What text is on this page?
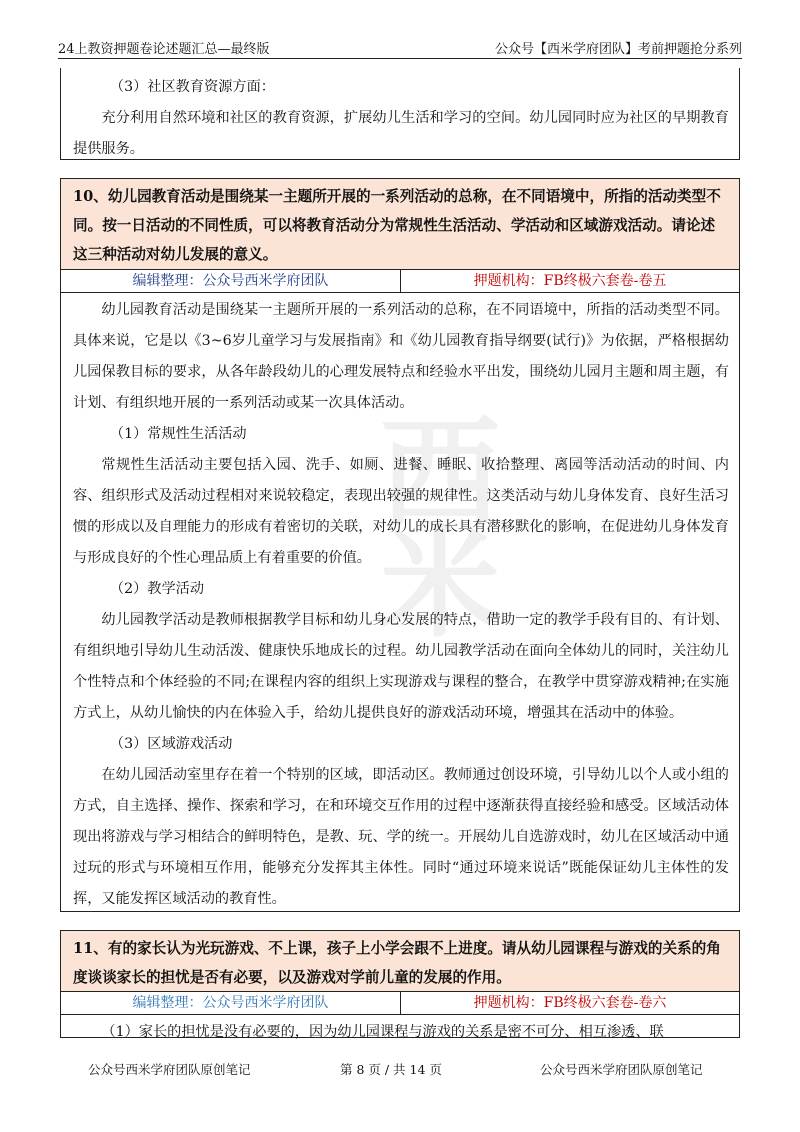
24上教资押题卷论述题汇总—最终版	公众号【西米学府团队】考前押题抢分系列
西米

（3）社区教育资源方面：

充分利用自然环境和社区的教育资源，扩展幼儿生活和学习的空间。幼儿园同时应为社区的早期教育提供服务。

10、幼儿园教育活动是围绕某一主题所开展的一系列活动的总称，在不同语境中，所指的活动类型不同。按一日活动的不同性质，可以将教育活动分为常规性生活活动、学活动和区域游戏活动。请论述这三种活动对幼儿发展的意义。
编辑整理：公众号西米学府团队	押题机构：FB终极六套卷-卷五

幼儿园教育活动是围绕某一主题所开展的一系列活动的总称，在不同语境中，所指的活动类型不同。具体来说，它是以《3~6岁儿童学习与发展指南》和《幼儿园教育指导纲要(试行)》为依据，严格根据幼儿园保教目标的要求，从各年龄段幼儿的心理发展特点和经验水平出发，围绕幼儿园月主题和周主题，有计划、有组织地开展的一系列活动或某一次具体活动。

（1）常规性生活活动

常规性生活活动主要包括入园、洗手、如厕、进餐、睡眠、收拾整理、离园等活动活动的时间、内容、组织形式及活动过程相对来说较稳定，表现出较强的规律性。这类活动与幼儿身体发育、良好生活习惯的形成以及自理能力的形成有着密切的关联，对幼儿的成长具有潜移默化的影响，在促进幼儿身体发育与形成良好的个性心理品质上有着重要的价值。

（2）教学活动

幼儿园教学活动是教师根据教学目标和幼儿身心发展的特点，借助一定的教学手段有目的、有计划、有组织地引导幼儿生动活泼、健康快乐地成长的过程。幼儿园教学活动在面向全体幼儿的同时，关注幼儿个性特点和个体经验的不同;在课程内容的组织上实现游戏与课程的整合，在教学中贯穿游戏精神;在实施方式上，从幼儿愉快的内在体验入手，给幼儿提供良好的游戏活动环境，增强其在活动中的体验。

（3）区域游戏活动

在幼儿园活动室里存在着一个特别的区域，即活动区。教师通过创设环境，引导幼儿以个人或小组的方式，自主选择、操作、探索和学习，在和环境交互作用的过程中逐渐获得直接经验和感受。区域活动体现出将游戏与学习相结合的鲜明特色，是教、玩、学的统一。开展幼儿自选游戏时，幼儿在区域活动中通过玩的形式与环境相互作用，能够充分发挥其主体性。同时“通过环境来说话”既能保证幼儿主体性的发挥，又能发挥区域活动的教育性。

11、有的家长认为光玩游戏、不上课，孩子上小学会跟不上进度。请从幼儿园课程与游戏的关系的角度谈谈家长的担忧是否有必要，以及游戏对学前儿童的发展的作用。
编辑整理：公众号西米学府团队	押题机构：FB终极六套卷-卷六

（1）家长的担忧是没有必要的，因为幼儿园课程与游戏的关系是密不可分、相互渗透、联

公众号西米学府团队原创笔记	第 8 页 / 共 14 页	公众号西米学府团队原创笔记
